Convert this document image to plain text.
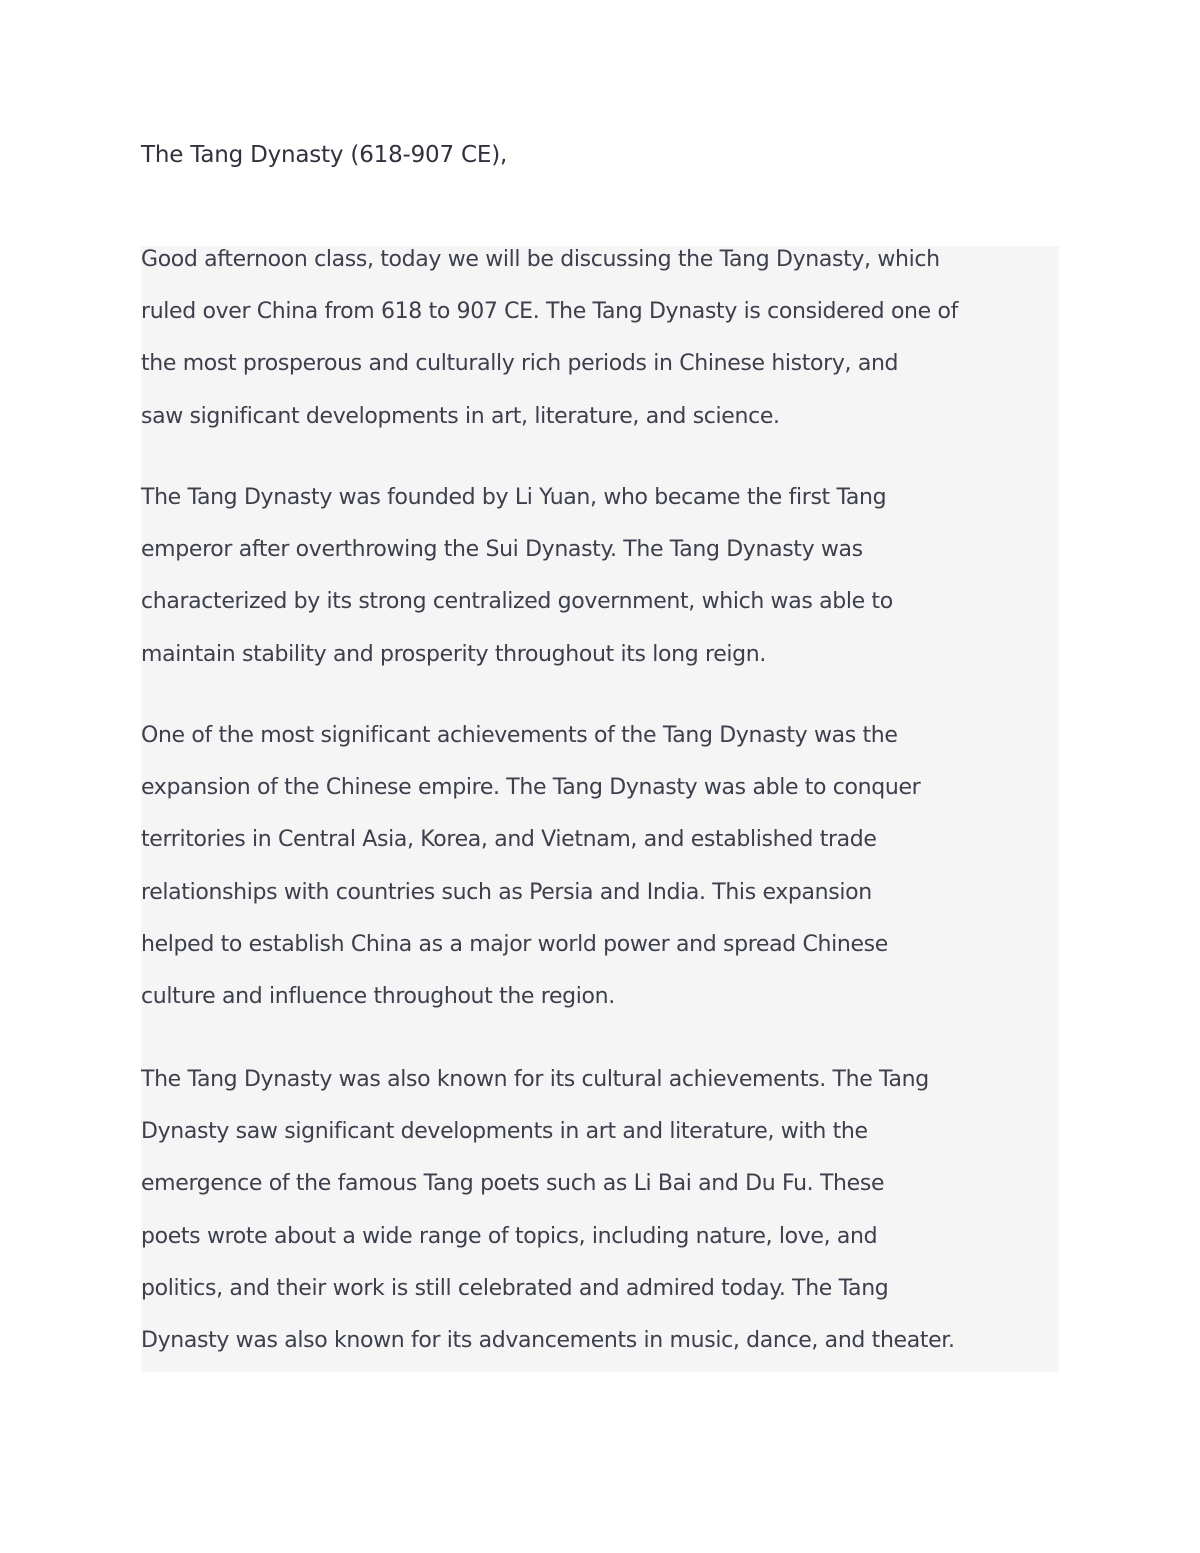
The Tang Dynasty (618-907 CE),

Good afternoon class, today we will be discussing the Tang Dynasty, which
ruled over China from 618 to 907 CE. The Tang Dynasty is considered one of
the most prosperous and culturally rich periods in Chinese history, and
saw significant developments in art, literature, and science.

The Tang Dynasty was founded by Li Yuan, who became the first Tang
emperor after overthrowing the Sui Dynasty. The Tang Dynasty was
characterized by its strong centralized government, which was able to
maintain stability and prosperity throughout its long reign.

One of the most significant achievements of the Tang Dynasty was the
expansion of the Chinese empire. The Tang Dynasty was able to conquer
territories in Central Asia, Korea, and Vietnam, and established trade
relationships with countries such as Persia and India. This expansion
helped to establish China as a major world power and spread Chinese
culture and influence throughout the region.

The Tang Dynasty was also known for its cultural achievements. The Tang
Dynasty saw significant developments in art and literature, with the
emergence of the famous Tang poets such as Li Bai and Du Fu. These
poets wrote about a wide range of topics, including nature, love, and
politics, and their work is still celebrated and admired today. The Tang
Dynasty was also known for its advancements in music, dance, and theater.
